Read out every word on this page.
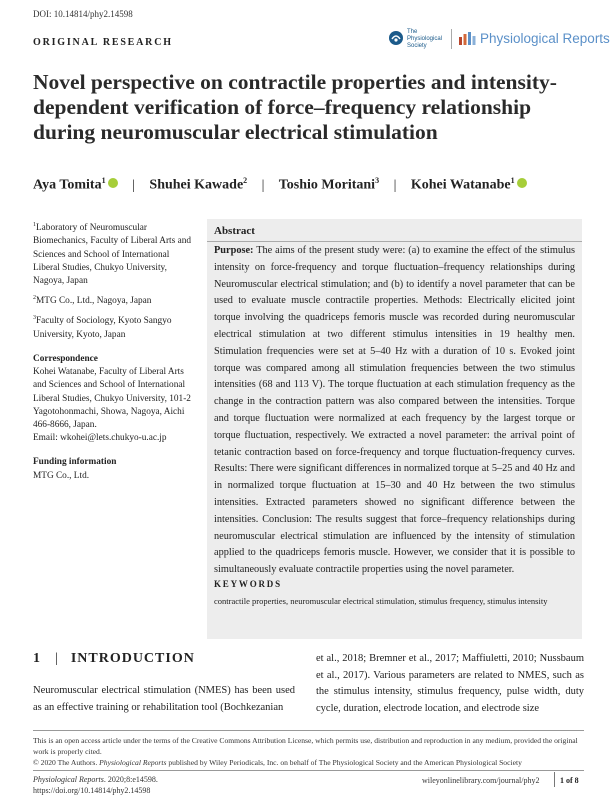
DOI: 10.14814/phy2.14598
ORIGINAL RESEARCH
The
Physiological
Society	Physiological Reports
Novel perspective on contractile properties and intensity-dependent verification of force–frequency relationship during neuromuscular electrical stimulation
Aya Tomita$^1$ | Shuhei Kawade$^2$ | Toshio Moritani$^3$ | Kohei Watanabe$^1$

$^1$Laboratory of Neuromuscular Biomechanics, Faculty of Liberal Arts and Sciences and School of International Liberal Studies, Chukyo University, Nagoya, Japan

$^2$MTG Co., Ltd., Nagoya, Japan

$^3$Faculty of Sociology, Kyoto Sangyo University, Kyoto, Japan

Correspondence

Kohei Watanabe, Faculty of Liberal Arts and Sciences and School of International Liberal Studies, Chukyo University, 101-2 Yagotohonmachi, Showa, Nagoya, Aichi 466-8666, Japan.

Email: wkohei@lets.chukyo-u.ac.jp

Funding information

MTG Co., Ltd.

Abstract
Purpose: The aims of the present study were: (a) to examine the effect of the stimulus intensity on force-frequency and torque fluctuation–frequency relationships during Neuromuscular electrical stimulation; and (b) to identify a novel parameter that can be used to evaluate muscle contractile properties. Methods: Electrically elicited joint torque involving the quadriceps femoris muscle was recorded during neuromuscular electrical stimulation at two different stimulus intensities in 19 healthy men. Stimulation frequencies were set at 5–40 Hz with a duration of 10 s. Evoked joint torque was compared among all stimulation frequencies between the two stimulus intensities (68 and 113 V). The torque fluctuation at each stimulation frequency as the change in the contraction pattern was also compared between the intensities. Torque and torque fluctuation were normalized at each frequency by the largest torque or torque fluctuation, respectively. We extracted a novel parameter: the arrival point of tetanic contraction based on force-frequency and torque fluctuation-frequency curves. Results: There were significant differences in normalized torque at 5–25 and 40 Hz and in normalized torque fluctuation at 15–30 and 40 Hz between the two stimulus intensities. Extracted parameters showed no significant difference between the intensities. Conclusion: The results suggest that force–frequency relationships during neuromuscular electrical stimulation are influenced by the intensity of stimulation applied to the quadriceps femoris muscle. However, we consider that it is possible to simultaneously evaluate contractile properties using the novel parameter.
KEYWORDS
contractile properties, neuromuscular electrical stimulation, stimulus frequency, stimulus intensity
1 | INTRODUCTION
Neuromuscular electrical stimulation (NMES) has been used as an effective training or rehabilitation tool (Bochkezanian
et al., 2018; Bremner et al., 2017; Maffiuletti, 2010; Nussbaum et al., 2017). Various parameters are related to NMES, such as the stimulus intensity, stimulus frequency, pulse width, duty cycle, duration, electrode location, and electrode size
This is an open access article under the terms of the Creative Commons Attribution License, which permits use, distribution and reproduction in any medium, provided the original work is properly cited.
© 2020 The Authors. Physiological Reports published by Wiley Periodicals, Inc. on behalf of The Physiological Society and the American Physiological Society
Physiological Reports. 2020;8:e14598.
https://doi.org/10.14814/phy2.14598
wileyonlinelibrary.com/journal/phy2	1 of 8
